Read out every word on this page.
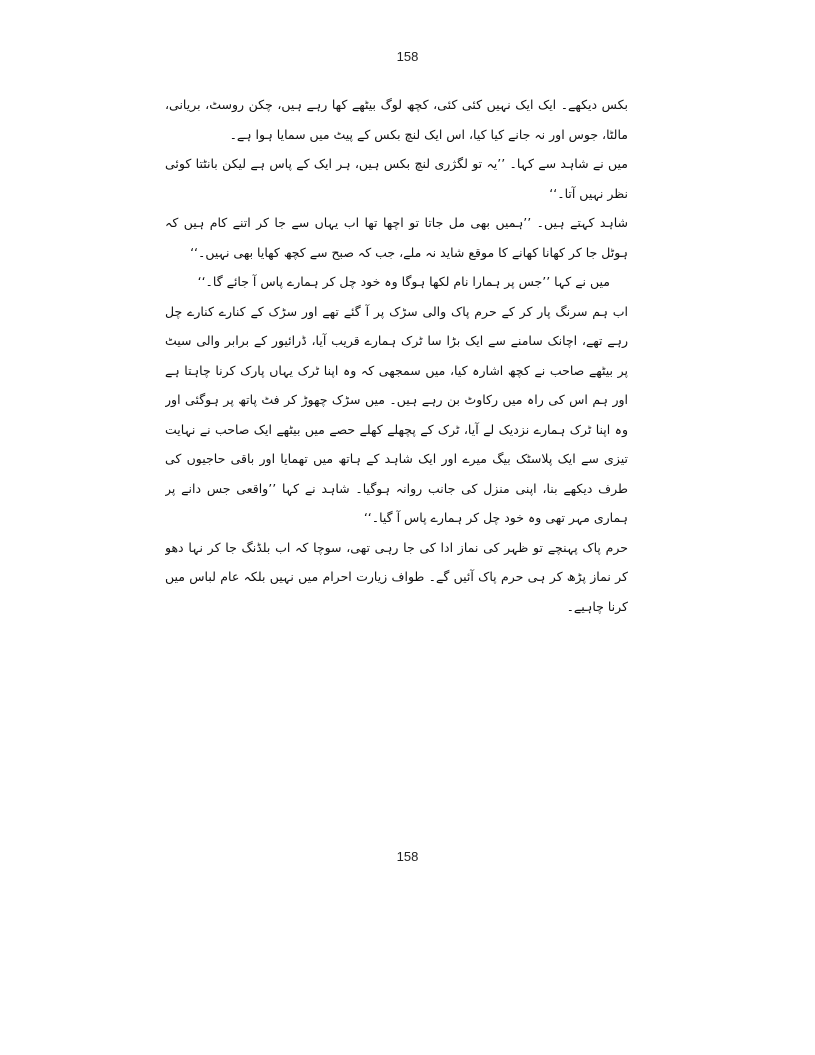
158

بکس دیکھے۔ ایک ایک نہیں کئی کئی، کچھ لوگ بیٹھے کھا رہے ہیں، چکن روسٹ، بریانی، مالٹا، جوس اور نہ جانے کیا کیا، اس ایک لنچ بکس کے پیٹ میں سمایا ہوا ہے۔

میں نے شاہد سے کہا۔ ’’یہ تو لگژری لنچ بکس ہیں، ہر ایک کے پاس ہے لیکن بانٹتا کوئی نظر نہیں آتا۔‘‘

شاہد کہتے ہیں۔ ’’ہمیں بھی مل جاتا تو اچھا تھا اب یہاں سے جا کر اتنے کام ہیں کہ ہوٹل جا کر کھانا کھانے کا موقع شاید نہ ملے، جب کہ صبح سے کچھ کھایا بھی نہیں۔‘‘

میں نے کہا ’’جس پر ہمارا نام لکھا ہوگا وہ خود چل کر ہمارے پاس آ جائے گا۔‘‘

اب ہم سرنگ پار کر کے حرم پاک والی سڑک پر آ گئے تھے اور سڑک کے کنارے کنارے چل رہے تھے، اچانک سامنے سے ایک بڑا سا ٹرک ہمارے قریب آیا، ڈرائیور کے برابر والی سیٹ پر بیٹھے صاحب نے کچھ اشارہ کیا، میں سمجھی کہ وہ اپنا ٹرک یہاں پارک کرنا چاہتا ہے اور ہم اس کی راہ میں رکاوٹ بن رہے ہیں۔ میں سڑک چھوڑ کر فٹ پاتھ پر ہوگئی اور وہ اپنا ٹرک ہمارے نزدیک لے آیا، ٹرک کے پچھلے کھلے حصے میں بیٹھے ایک صاحب نے نہایت تیزی سے ایک پلاسٹک بیگ میرے اور ایک شاہد کے ہاتھ میں تھمایا اور باقی حاجیوں کی طرف دیکھے بنا، اپنی منزل کی جانب روانہ ہوگیا۔ شاہد نے کہا ’’واقعی جس دانے پر ہماری مہر تھی وہ خود چل کر ہمارے پاس آ گیا۔‘‘

حرم پاک پہنچے تو ظہر کی نماز ادا کی جا رہی تھی، سوچا کہ اب بلڈنگ جا کر نہا دھو کر نماز پڑھ کر ہی حرم پاک آئیں گے۔ طواف زیارت احرام میں نہیں بلکہ عام لباس میں کرنا چاہیے۔

158
